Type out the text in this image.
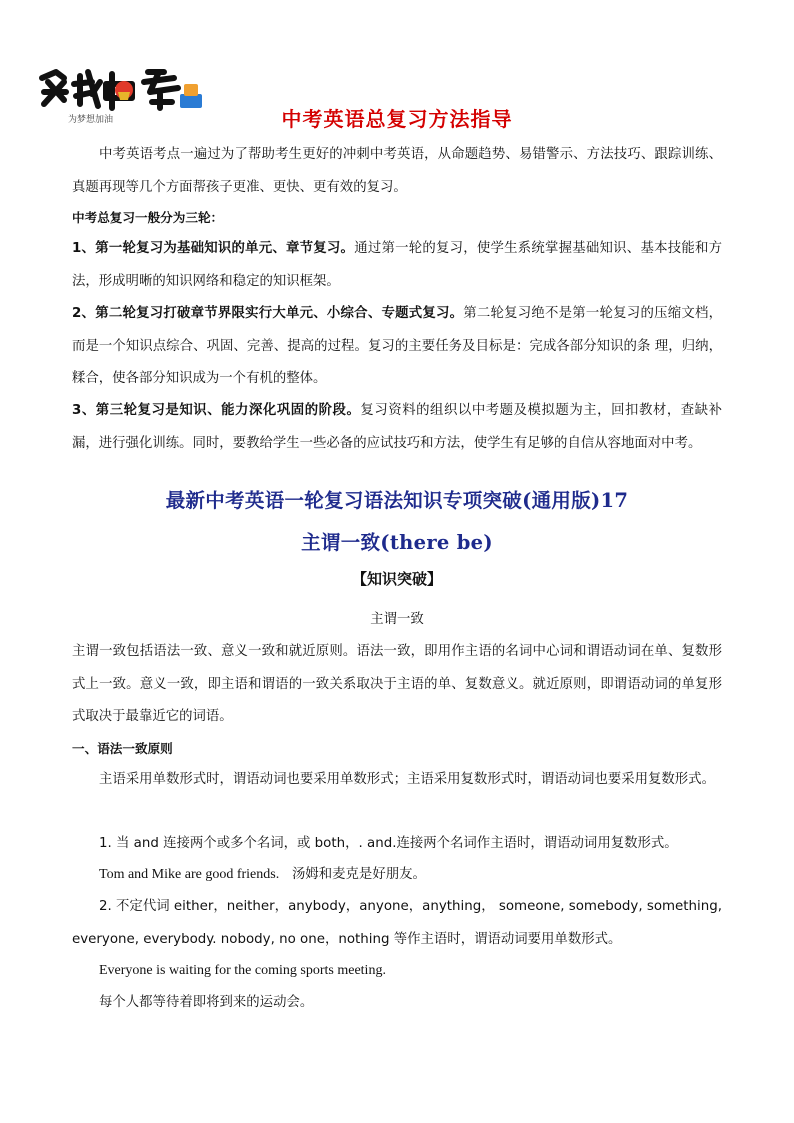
为梦想加油	中考英语总复习方法指导
中考英语考点一遍过为了帮助考生更好的冲刺中考英语，从命题趋势、易错警示、方法技巧、跟踪训练、真题再现等几个方面帮孩子更准、更快、更有效的复习。
中考总复习一般分为三轮：
1、第一轮复习为基础知识的单元、章节复习。通过第一轮的复习，使学生系统掌握基础知识、基本技能和方法，形成明晰的知识网络和稳定的知识框架。
2、第二轮复习打破章节界限实行大单元、小综合、专题式复习。第二轮复习绝不是第一轮复习的压缩文档，而是一个知识点综合、巩固、完善、提高的过程。复习的主要任务及目标是：完成各部分知识的条 理，归纳，糅合，使各部分知识成为一个有机的整体。
3、第三轮复习是知识、能力深化巩固的阶段。复习资料的组织以中考题及模拟题为主，回扣教材，查缺补漏，进行强化训练。同时，要教给学生一些必备的应试技巧和方法，使学生有足够的自信从容地面对中考。
最新中考英语一轮复习语法知识专项突破(通用版)17
主谓一致(there be)
【知识突破】
主谓一致
主谓一致包括语法一致、意义一致和就近原则。语法一致，即用作主语的名词中心词和谓语动词在单、复数形式上一致。意义一致，即主语和谓语的一致关系取决于主语的单、复数意义。就近原则，即谓语动词的单复形式取决于最靠近它的词语。
一、语法一致原则
主语采用单数形式时，谓语动词也要采用单数形式；主语采用复数形式时，谓语动词也要采用复数形式。
1. 当 and 连接两个或多个名词，或 both，. and.连接两个名词作主语时，谓语动词用复数形式。
Tom and Mike are good friends. 汤姆和麦克是好朋友。
2. 不定代词 either，neither，anybody，anyone，anything， someone, somebody, something, everyone, everybody. nobody, no one，nothing 等作主语时，谓语动词要用单数形式。
Everyone is waiting for the coming sports meeting.
每个人都等待着即将到来的运动会。
